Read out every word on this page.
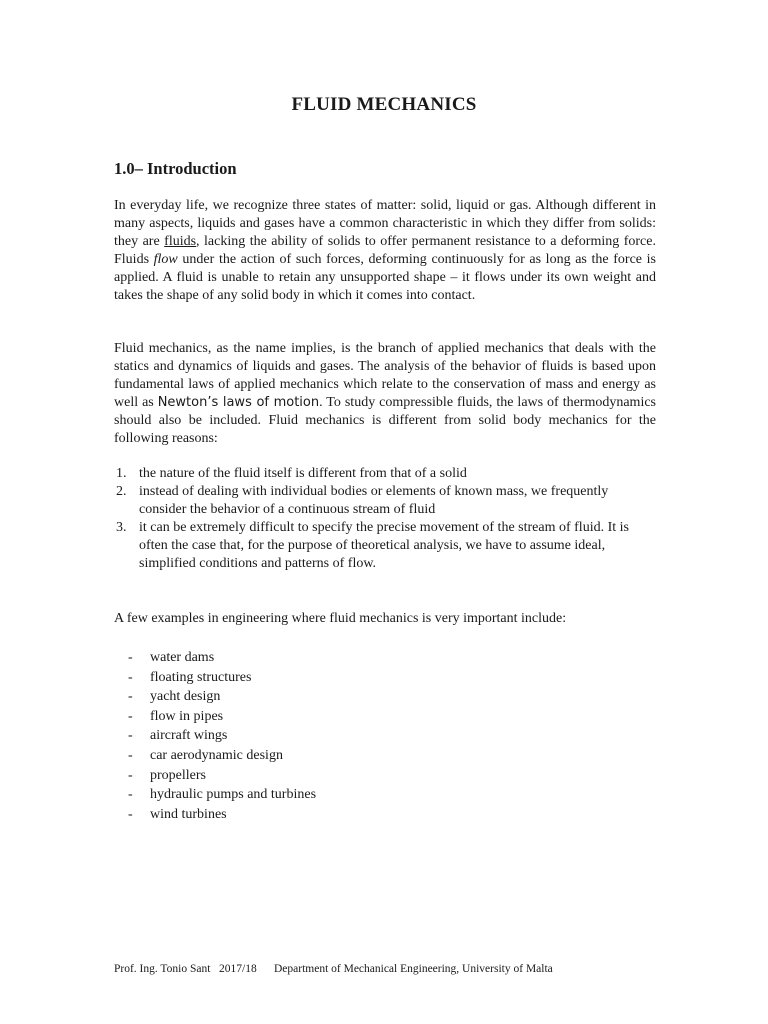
FLUID MECHANICS
1.0– Introduction

In everyday life, we recognize three states of matter: solid, liquid or gas. Although different in many aspects, liquids and gases have a common characteristic in which they differ from solids: they are fluids, lacking the ability of solids to offer permanent resistance to a deforming force. Fluids flow under the action of such forces, deforming continuously for as long as the force is applied. A fluid is unable to retain any unsupported shape – it flows under its own weight and takes the shape of any solid body in which it comes into contact.

Fluid mechanics, as the name implies, is the branch of applied mechanics that deals with the statics and dynamics of liquids and gases. The analysis of the behavior of fluids is based upon fundamental laws of applied mechanics which relate to the conservation of mass and energy as well as Newton’s laws of motion. To study compressible fluids, the laws of thermodynamics should also be included. Fluid mechanics is different from solid body mechanics for the following reasons:

1. the nature of the fluid itself is different from that of a solid
2. instead of dealing with individual bodies or elements of known mass, we frequently consider the behavior of a continuous stream of fluid
3. it can be extremely difficult to specify the precise movement of the stream of fluid. It is often the case that, for the purpose of theoretical analysis, we have to assume ideal, simplified conditions and patterns of flow.

A few examples in engineering where fluid mechanics is very important include:

- water dams
- floating structures
- yacht design
- flow in pipes
- aircraft wings
- car aerodynamic design
- propellers
- hydraulic pumps and turbines
- wind turbines
Prof. Ing. Tonio Sant   2017/18      Department of Mechanical Engineering, University of Malta
